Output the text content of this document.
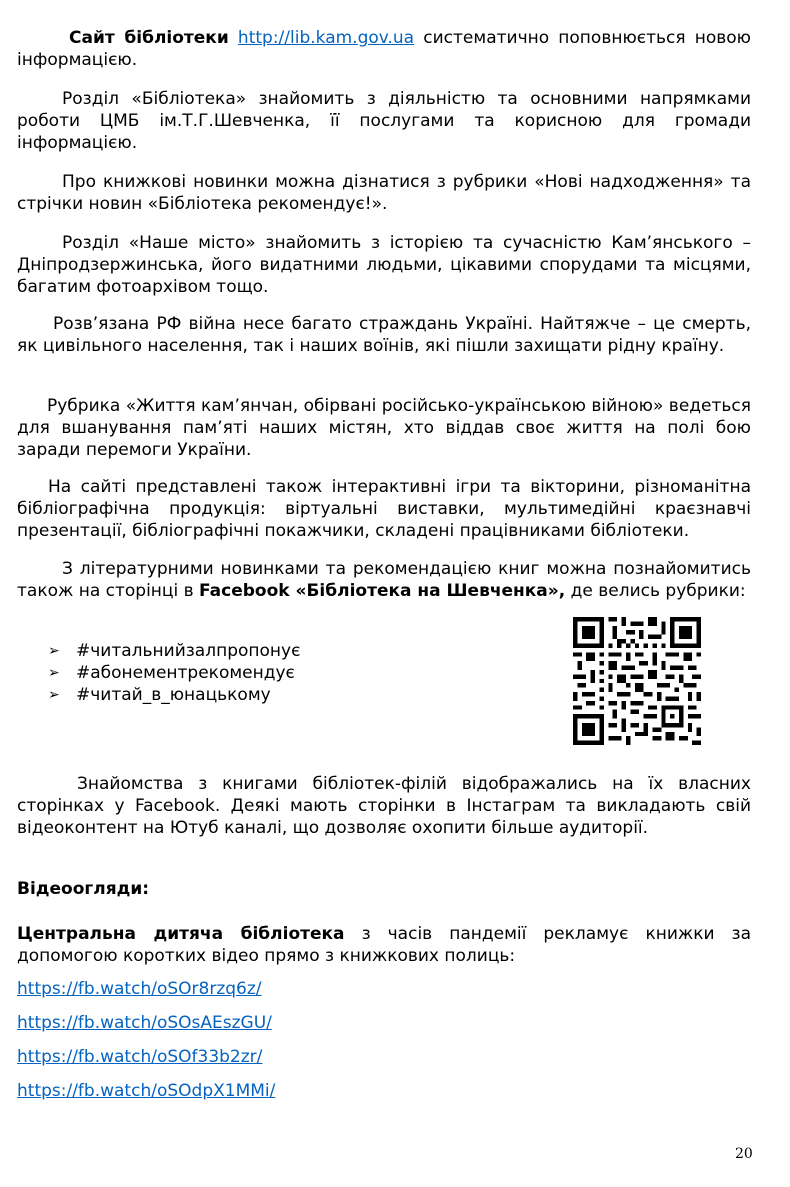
Сайт бібліотеки http://lib.kam.gov.ua систематично поповнюється новою інформацією.

Розділ «Бібліотека» знайомить з діяльністю та основними напрямками роботи ЦМБ ім.Т.Г.Шевченка, її послугами та корисною для громади інформацією.

Про книжкові новинки можна дізнатися з рубрики «Нові надходження» та стрічки новин «Бібліотека рекомендує!».

Розділ «Наше місто» знайомить з історією та сучасністю Кам’янського – Дніпродзержинська, його видатними людьми, цікавими спорудами та місцями, багатим фотоархівом тощо.

Розв’язана РФ війна несе багато страждань Україні. Найтяжче – це смерть, як цивільного населення, так і наших воїнів, які пішли захищати рідну країну.

Рубрика «Життя кам’янчан, обірвані російсько-українською війною» ведеться для вшанування пам’яті наших містян, хто віддав своє життя на полі бою заради перемоги України.

На сайті представлені також інтерактивні ігри та вікторини, різноманітна бібліографічна продукція: віртуальні виставки, мультимедійні краєзнавчі презентації, бібліографічні покажчики, складені працівниками бібліотеки.

З літературними новинками та рекомендацією книг можна познайомитись також на сторінці в Facebook «Бібліотека на Шевченка», де велись рубрики:

➢ #читальнийзалпропонує
➢ #абонементрекомендує
➢ #читай_в_юнацькому

Знайомства з книгами бібліотек-філій відображались на їх власних сторінках у Facebook. Деякі мають сторінки в Інстаграм та викладають свій відеоконтент на Ютуб каналі, що дозволяє охопити більше аудиторії.

Відеоогляди:

Центральна дитяча бібліотека з часів пандемії рекламує книжки за допомогою коротких відео прямо з книжкових полиць:

https://fb.watch/oSOr8rzq6z/
https://fb.watch/oSOsAEszGU/
https://fb.watch/oSOf33b2zr/
https://fb.watch/oSOdpX1MMi/
20
